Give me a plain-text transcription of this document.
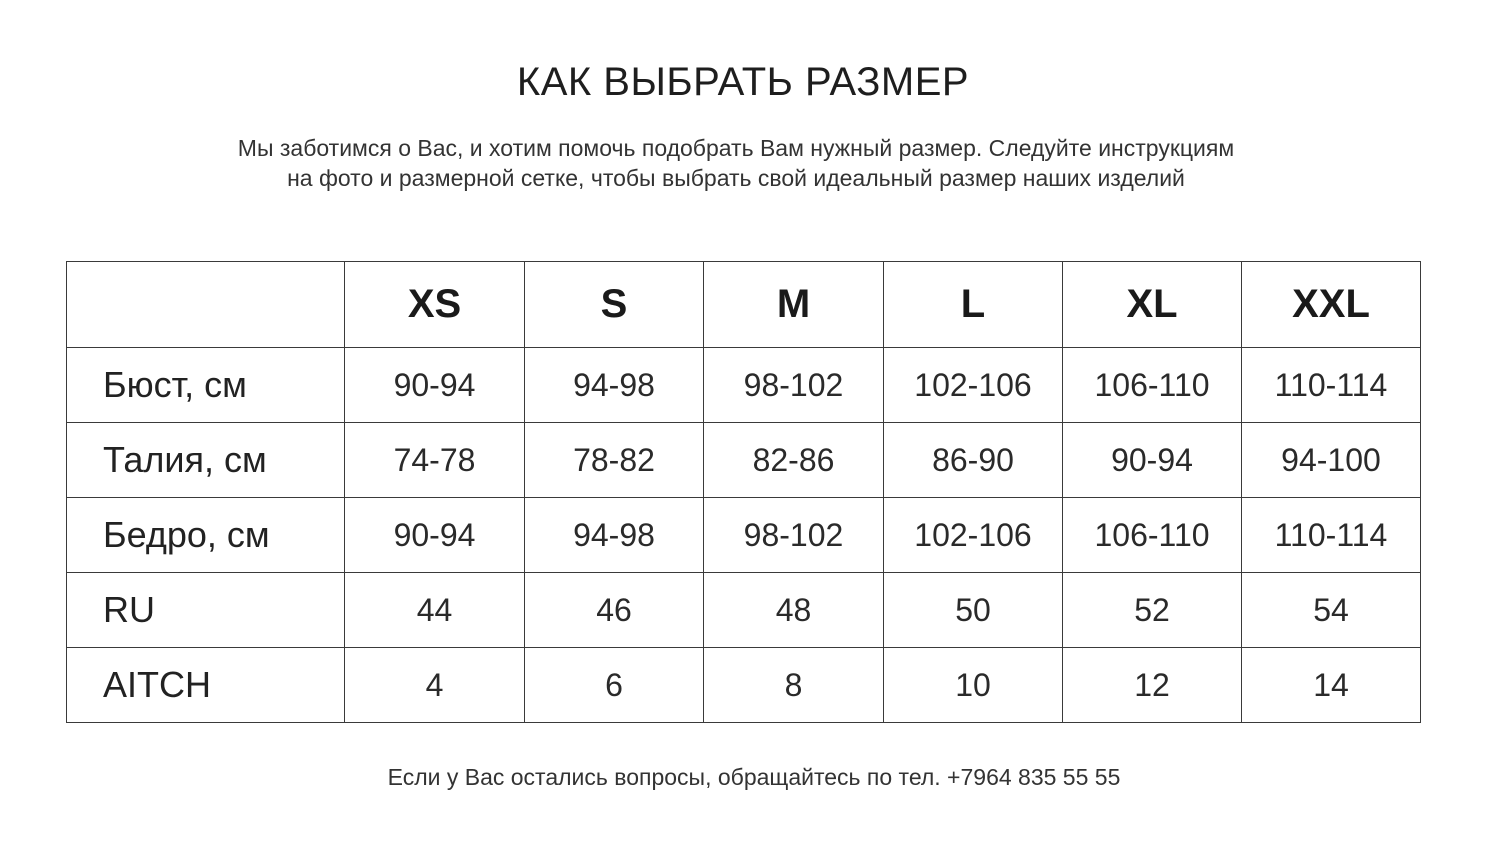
КАК ВЫБРАТЬ РАЗМЕР
Мы заботимся о Вас, и хотим помочь подобрать Вам нужный размер. Следуйте инструкциям
на фото и размерной сетке, чтобы выбрать свой идеальный размер наших изделий
	XS	S	M	L	XL	XXL
Бюст, см	90-94	94-98	98-102	102-106	106-110	110-114
Талия, см	74-78	78-82	82-86	86-90	90-94	94-100
Бедро, см	90-94	94-98	98-102	102-106	106-110	110-114
RU	44	46	48	50	52	54
AITCH	4	6	8	10	12	14
Если у Вас остались вопросы, обращайтесь по тел. +7964 835 55 55
